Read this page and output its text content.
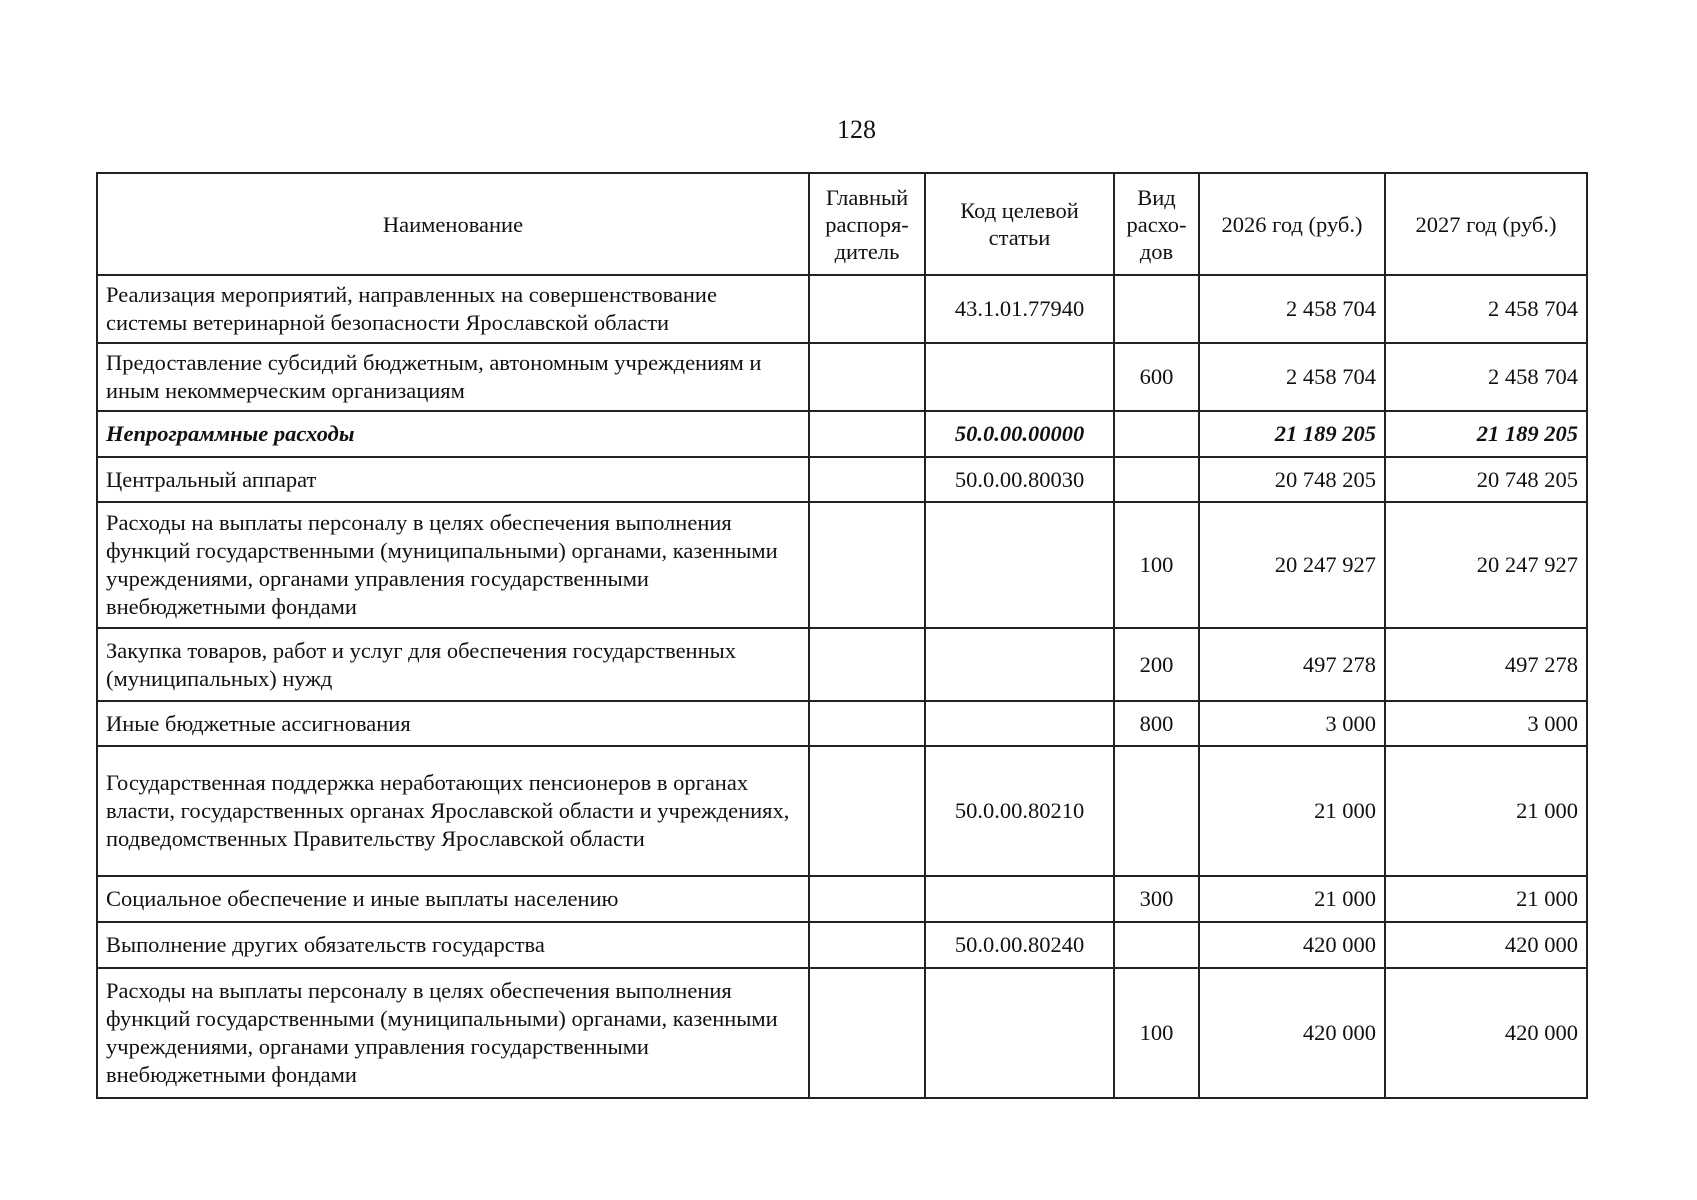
128
Наименование	Главный распоря-дитель	Код целевой статьи	Вид расхо-дов	2026 год (руб.)	2027 год (руб.)
Реализация мероприятий, направленных на совершенствование системы ветеринарной безопасности Ярославской области		43.1.01.77940		2 458 704	2 458 704
Предоставление субсидий бюджетным, автономным учреждениям и иным некоммерческим организациям			600	2 458 704	2 458 704
Непрограммные расходы		50.0.00.00000		21 189 205	21 189 205
Центральный аппарат		50.0.00.80030		20 748 205	20 748 205
Расходы на выплаты персоналу в целях обеспечения выполнения функций государственными (муниципальными) органами, казенными учреждениями, органами управления государственными внебюджетными фондами			100	20 247 927	20 247 927
Закупка товаров, работ и услуг для обеспечения государственных (муниципальных) нужд			200	497 278	497 278
Иные бюджетные ассигнования			800	3 000	3 000
Государственная поддержка неработающих пенсионеров в органах власти, государственных органах Ярославской области и учреждениях, подведомственных Правительству Ярославской области		50.0.00.80210		21 000	21 000
Социальное обеспечение и иные выплаты населению			300	21 000	21 000
Выполнение других обязательств государства		50.0.00.80240		420 000	420 000
Расходы на выплаты персоналу в целях обеспечения выполнения функций государственными (муниципальными) органами, казенными учреждениями, органами управления государственными внебюджетными фондами			100	420 000	420 000
